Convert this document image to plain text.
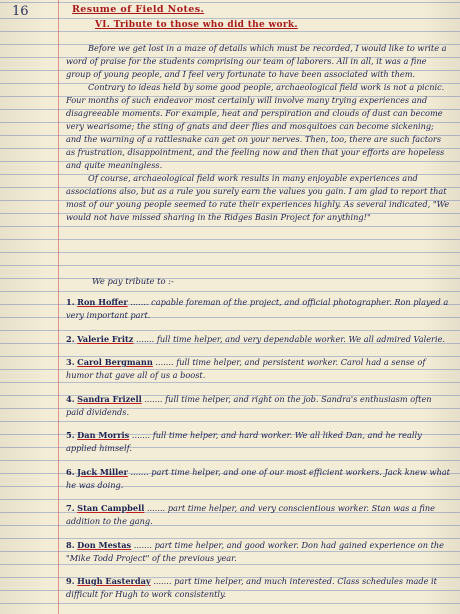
16	Resume of Field Notes.
VI. Tribute to those who did the work.

Before we get lost in a maze of details which must be recorded, I would like to write a word of praise for the students comprising our team of laborers. All in all, it was a fine group of young people, and I feel very fortunate to have been associated with them.

Contrary to ideas held by some good people, archaeological field work is not a picnic. Four months of such endeavor most certainly will involve many trying experiences and disagreeable moments. For example, heat and perspiration and clouds of dust can become very wearisome; the sting of gnats and deer flies and mosquitoes can become sickening; and the warning of a rattlesnake can get on your nerves. Then, too, there are such factors as frustration, disappointment, and the feeling now and then that your efforts are hopeless and quite meaningless.

Of course, archaeological field work results in many enjoyable experiences and associations also, but as a rule you surely earn the values you gain. I am glad to report that most of our young people seemed to rate their experiences highly. As several indicated, "We would not have missed sharing in the Ridges Basin Project for anything!"

We pay tribute to :-
1. Ron Hoffer ....... capable foreman of the project, and official photographer. Ron played a very important part.
2. Valerie Fritz ....... full time helper, and very dependable worker. We all admired Valerie.
3. Carol Bergmann ....... full time helper, and persistent worker. Carol had a sense of humor that gave all of us a boost.
4. Sandra Frizell ....... full time helper, and right on the job. Sandra's enthusiasm often paid dividends.
5. Dan Morris ....... full time helper, and hard worker. We all liked Dan, and he really applied himself.
6. Jack Miller ....... part time helper, and one of our most efficient workers. Jack knew what he was doing.
7. Stan Campbell ....... part time helper, and very conscientious worker. Stan was a fine addition to the gang.
8. Don Mestas ....... part time helper, and good worker. Don had gained experience on the "Mike Todd Project" of the previous year.
9. Hugh Easterday ....... part time helper, and much interested. Class schedules made it difficult for Hugh to work consistently.
